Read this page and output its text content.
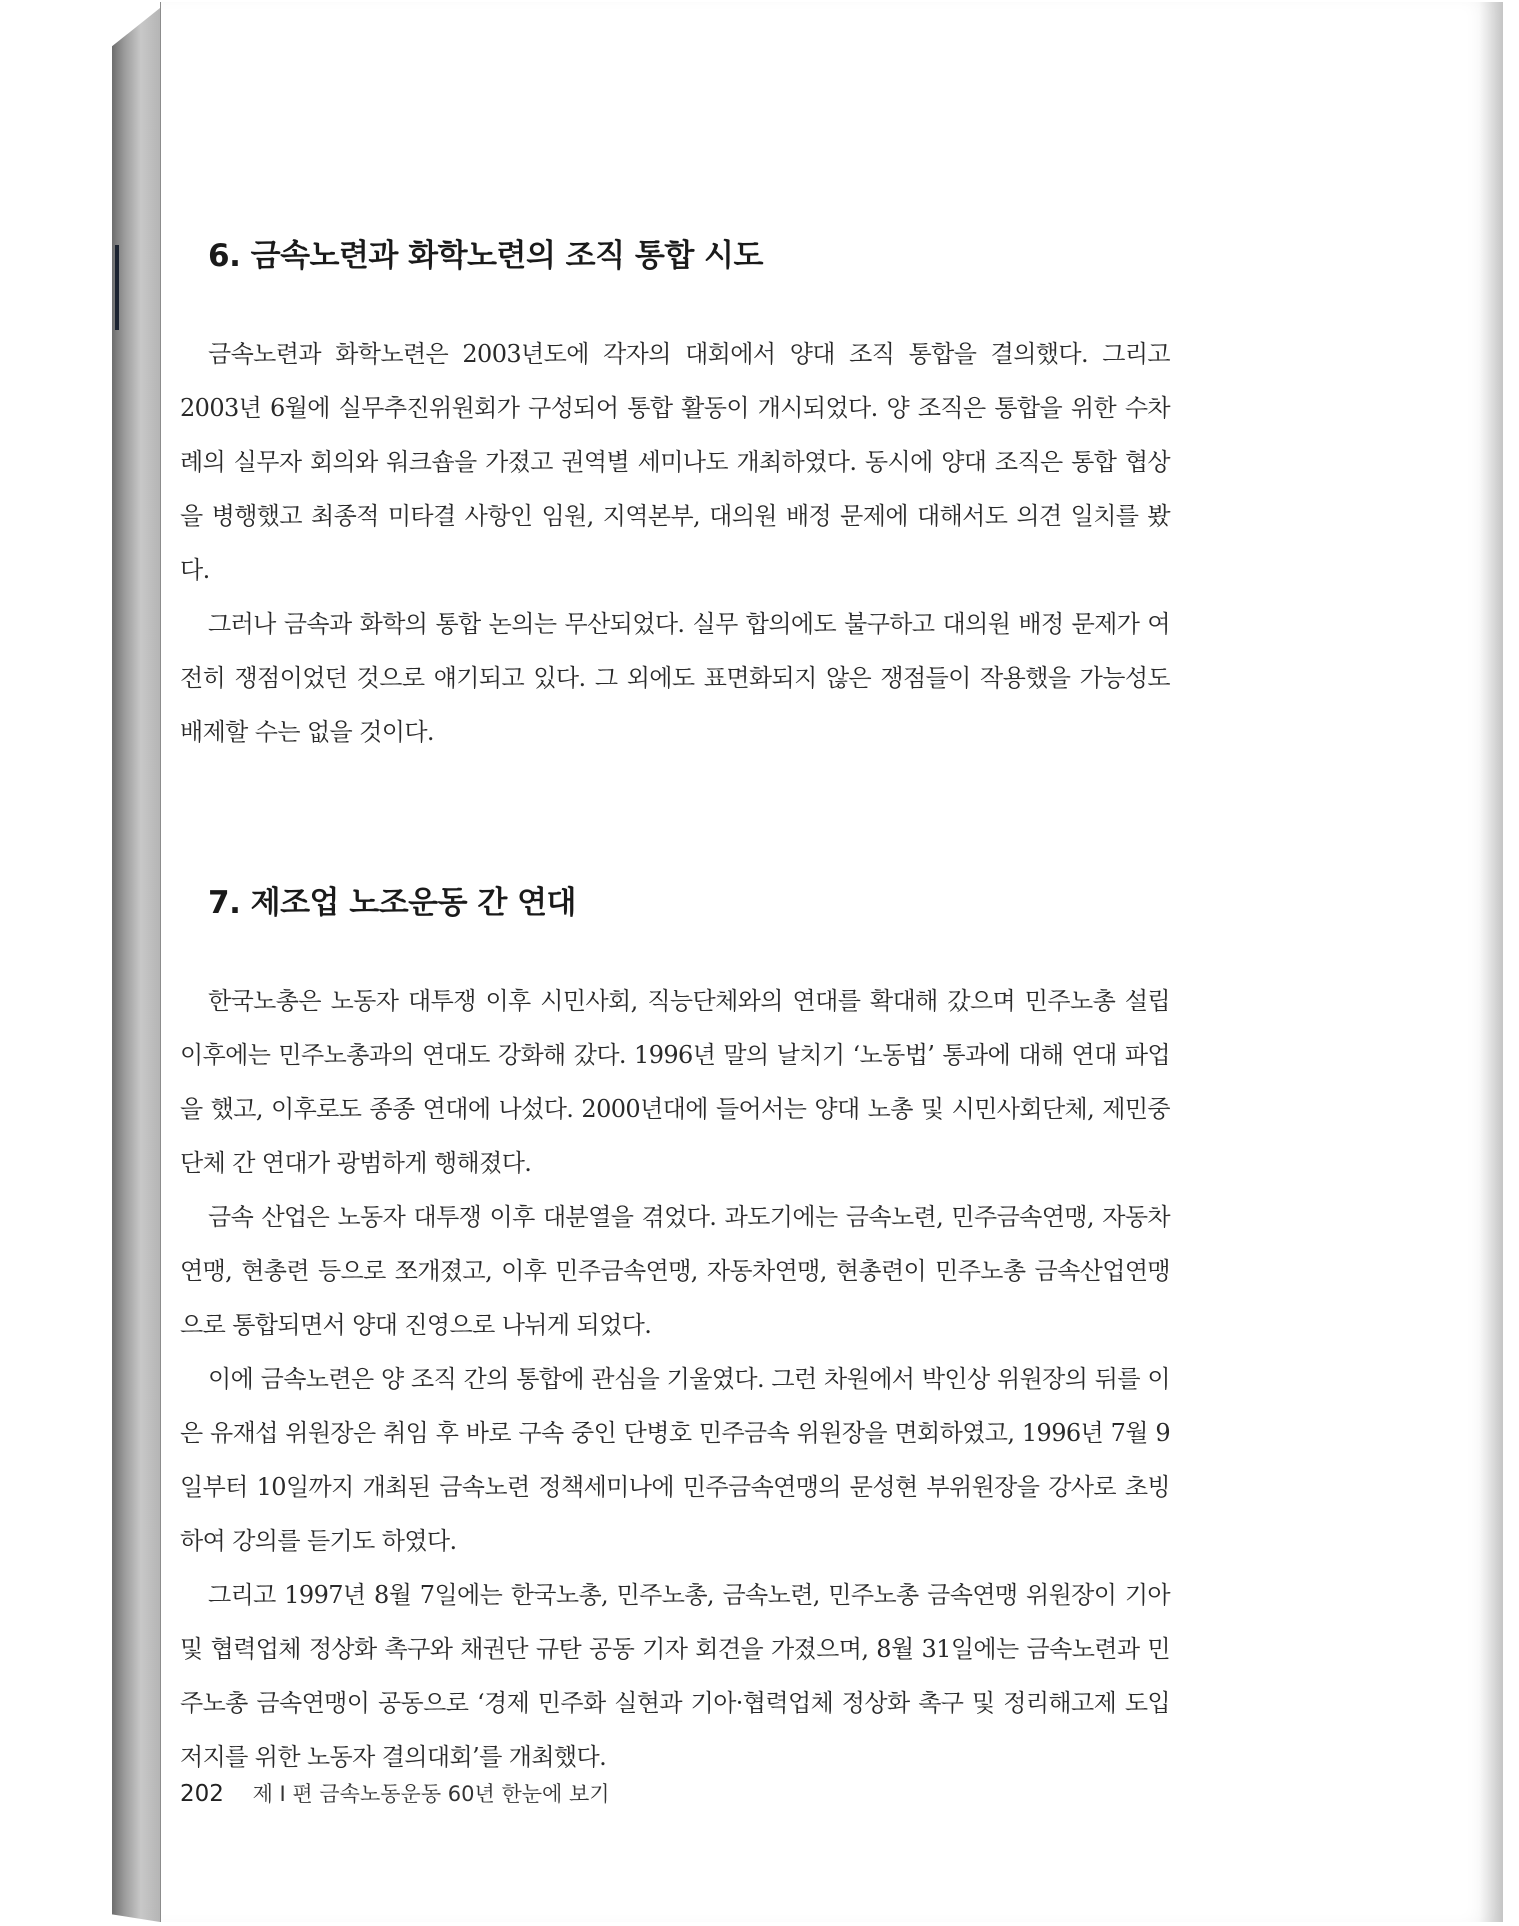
6. 금속노련과 화학노련의 조직 통합 시도

금속노련과 화학노련은 2003년도에 각자의 대회에서 양대 조직 통합을 결의했다. 그리고 2003년 6월에 실무추진위원회가 구성되어 통합 활동이 개시되었다. 양 조직은 통합을 위한 수차례의 실무자 회의와 워크숍을 가졌고 권역별 세미나도 개최하였다. 동시에 양대 조직은 통합 협상을 병행했고 최종적 미타결 사항인 임원, 지역본부, 대의원 배정 문제에 대해서도 의견 일치를 봤다.

그러나 금속과 화학의 통합 논의는 무산되었다. 실무 합의에도 불구하고 대의원 배정 문제가 여전히 쟁점이었던 것으로 얘기되고 있다. 그 외에도 표면화되지 않은 쟁점들이 작용했을 가능성도 배제할 수는 없을 것이다.

7. 제조업 노조운동 간 연대

한국노총은 노동자 대투쟁 이후 시민사회, 직능단체와의 연대를 확대해 갔으며 민주노총 설립 이후에는 민주노총과의 연대도 강화해 갔다. 1996년 말의 날치기 ‘노동법’ 통과에 대해 연대 파업을 했고, 이후로도 종종 연대에 나섰다. 2000년대에 들어서는 양대 노총 및 시민사회단체, 제민중단체 간 연대가 광범하게 행해졌다.

금속 산업은 노동자 대투쟁 이후 대분열을 겪었다. 과도기에는 금속노련, 민주금속연맹, 자동차연맹, 현총련 등으로 쪼개졌고, 이후 민주금속연맹, 자동차연맹, 현총련이 민주노총 금속산업연맹으로 통합되면서 양대 진영으로 나뉘게 되었다.

이에 금속노련은 양 조직 간의 통합에 관심을 기울였다. 그런 차원에서 박인상 위원장의 뒤를 이은 유재섭 위원장은 취임 후 바로 구속 중인 단병호 민주금속 위원장을 면회하였고, 1996년 7월 9일부터 10일까지 개최된 금속노련 정책세미나에 민주금속연맹의 문성현 부위원장을 강사로 초빙하여 강의를 듣기도 하였다.

그리고 1997년 8월 7일에는 한국노총, 민주노총, 금속노련, 민주노총 금속연맹 위원장이 기아 및 협력업체 정상화 촉구와 채권단 규탄 공동 기자 회견을 가졌으며, 8월 31일에는 금속노련과 민주노총 금속연맹이 공동으로 ‘경제 민주화 실현과 기아·협력업체 정상화 촉구 및 정리해고제 도입 저지를 위한 노동자 결의대회’를 개최했다.

202 제 I 편 금속노동운동 60년 한눈에 보기
